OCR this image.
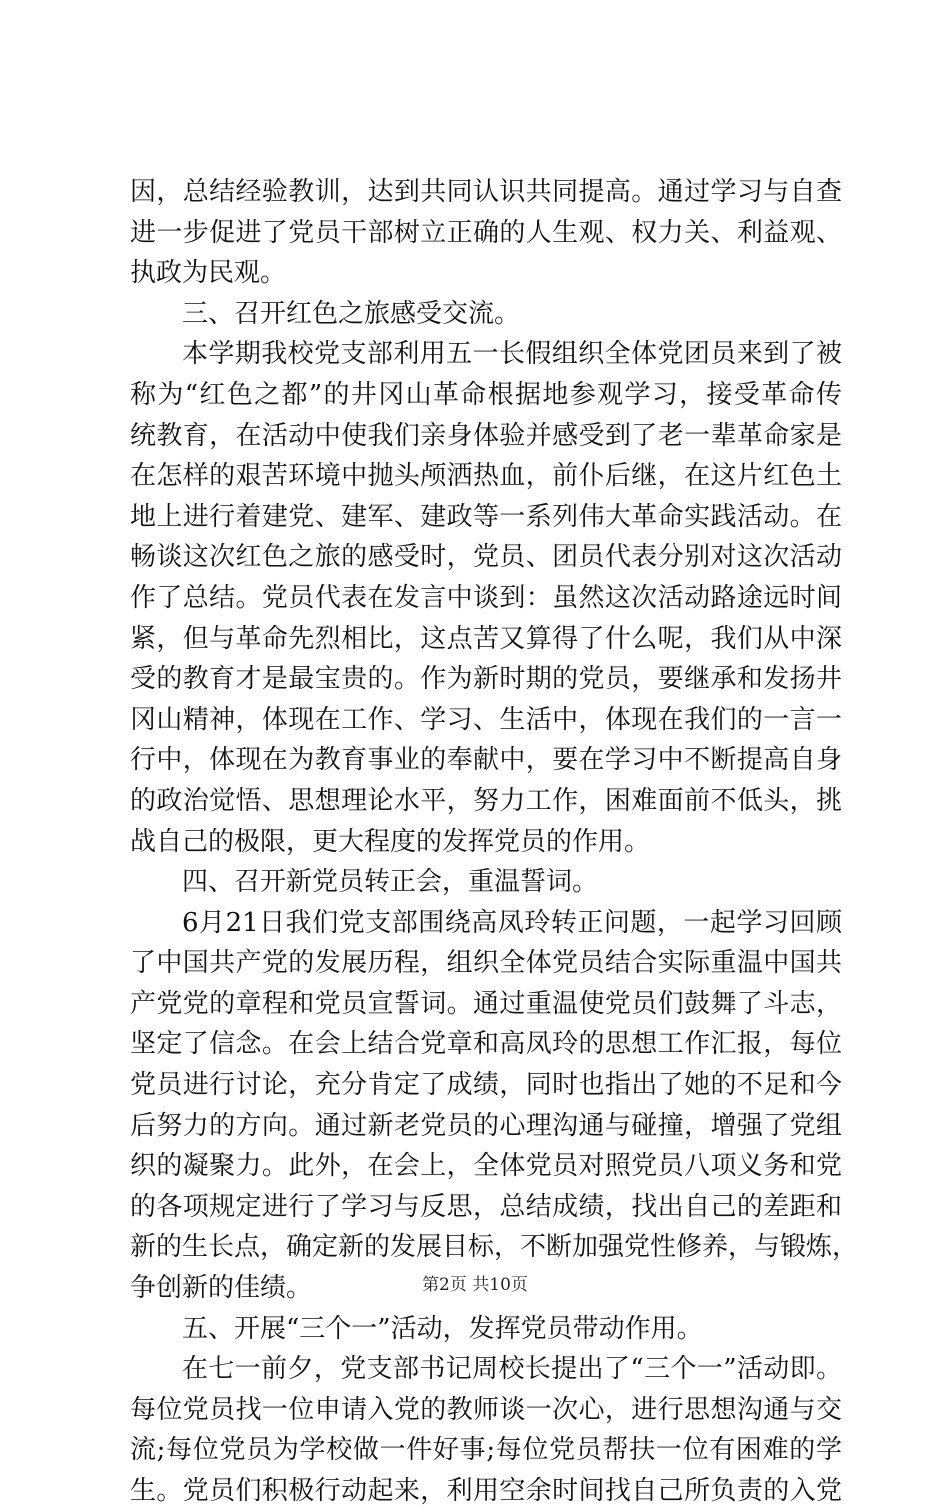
因，总结经验教训，达到共同认识共同提高。通过学习与自查
进一步促进了党员干部树立正确的人生观、权力关、利益观、
执政为民观。
三、召开红色之旅感受交流。
本学期我校党支部利用五一长假组织全体党团员来到了被
称为“红色之都”的井冈山革命根据地参观学习，接受革命传
统教育，在活动中使我们亲身体验并感受到了老一辈革命家是
在怎样的艰苦环境中抛头颅洒热血，前仆后继，在这片红色土
地上进行着建党、建军、建政等一系列伟大革命实践活动。在
畅谈这次红色之旅的感受时，党员、团员代表分别对这次活动
作了总结。党员代表在发言中谈到：虽然这次活动路途远时间
紧，但与革命先烈相比，这点苦又算得了什么呢，我们从中深
受的教育才是最宝贵的。作为新时期的党员，要继承和发扬井
冈山精神，体现在工作、学习、生活中，体现在我们的一言一
行中，体现在为教育事业的奉献中，要在学习中不断提高自身
的政治觉悟、思想理论水平，努力工作，困难面前不低头，挑
战自己的极限，更大程度的发挥党员的作用。
四、召开新党员转正会，重温誓词。
6月21日我们党支部围绕高凤玲转正问题，一起学习回顾
了中国共产党的发展历程，组织全体党员结合实际重温中国共
产党党的章程和党员宣誓词。通过重温使党员们鼓舞了斗志，
坚定了信念。在会上结合党章和高凤玲的思想工作汇报，每位
党员进行讨论，充分肯定了成绩，同时也指出了她的不足和今
后努力的方向。通过新老党员的心理沟通与碰撞，增强了党组
织的凝聚力。此外，在会上，全体党员对照党员八项义务和党
的各项规定进行了学习与反思，总结成绩，找出自己的差距和
新的生长点，确定新的发展目标，不断加强党性修养，与锻炼，
争创新的佳绩。
五、开展“三个一”活动，发挥党员带动作用。
在七一前夕，党支部书记周校长提出了“三个一”活动即。
每位党员找一位申请入党的教师谈一次心，进行思想沟通与交
流;每位党员为学校做一件好事;每位党员帮扶一位有困难的学
生。党员们积极行动起来，利用空余时间找自己所负责的入党
第2页 共10页
